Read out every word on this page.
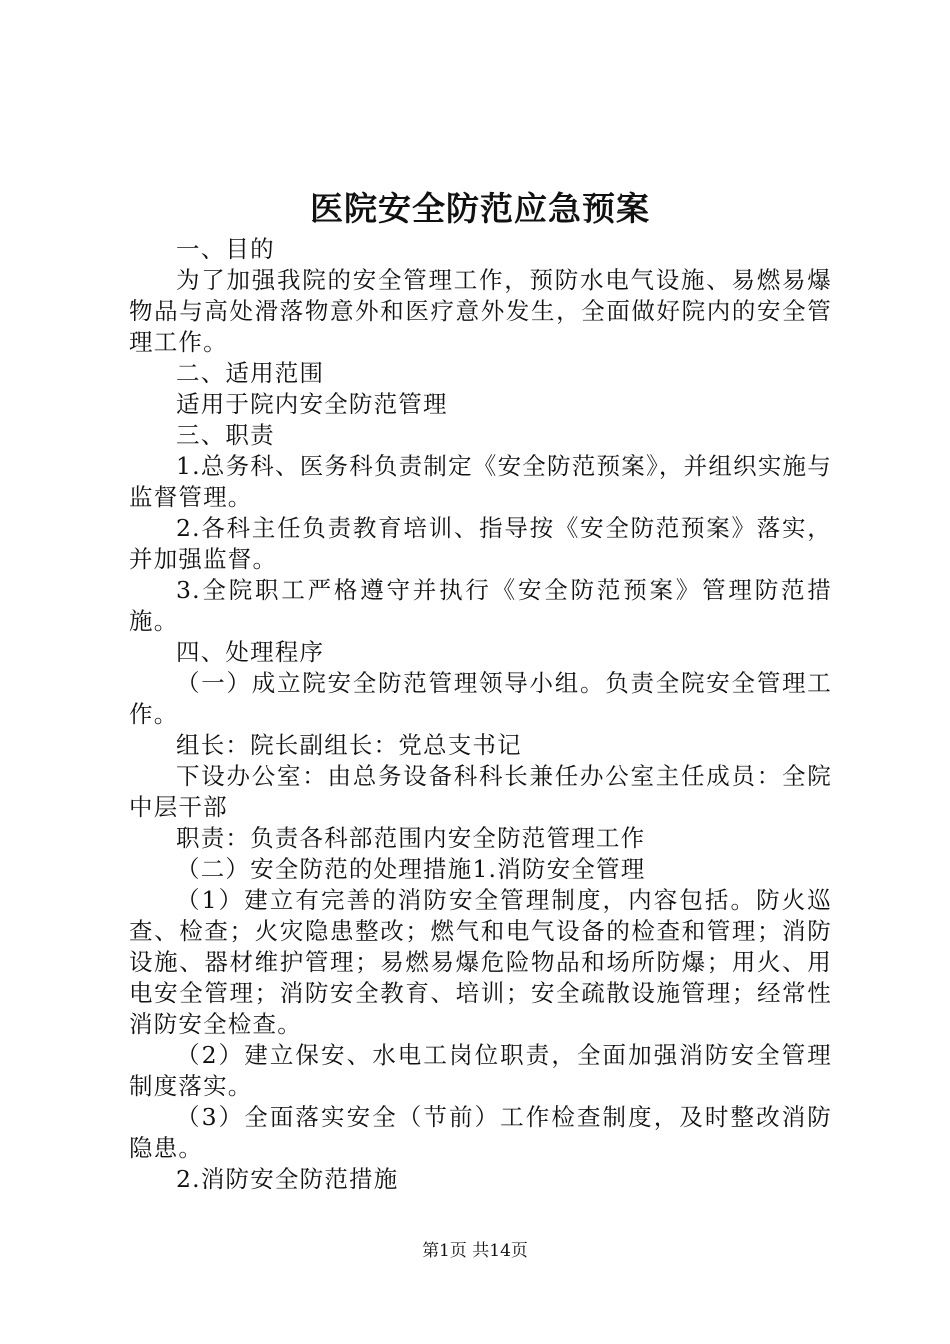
医院安全防范应急预案

一、目的

为了加强我院的安全管理工作，预防水电气设施、易燃易爆物品与高处滑落物意外和医疗意外发生，全面做好院内的安全管理工作。

二、适用范围

适用于院内安全防范管理

三、职责

1.总务科、医务科负责制定《安全防范预案》，并组织实施与监督管理。

2.各科主任负责教育培训、指导按《安全防范预案》落实，并加强监督。

3.全院职工严格遵守并执行《安全防范预案》管理防范措施。

四、处理程序

（一）成立院安全防范管理领导小组。负责全院安全管理工作。

组长：院长副组长：党总支书记

下设办公室：由总务设备科科长兼任办公室主任成员：全院中层干部

职责：负责各科部范围内安全防范管理工作

（二）安全防范的处理措施1.消防安全管理

（1）建立有完善的消防安全管理制度，内容包括。防火巡查、检查；火灾隐患整改；燃气和电气设备的检查和管理；消防设施、器材维护管理；易燃易爆危险物品和场所防爆；用火、用电安全管理；消防安全教育、培训；安全疏散设施管理；经常性消防安全检查。

（2）建立保安、水电工岗位职责，全面加强消防安全管理制度落实。

（3）全面落实安全（节前）工作检查制度，及时整改消防隐患。

2.消防安全防范措施

第1页 共14页
